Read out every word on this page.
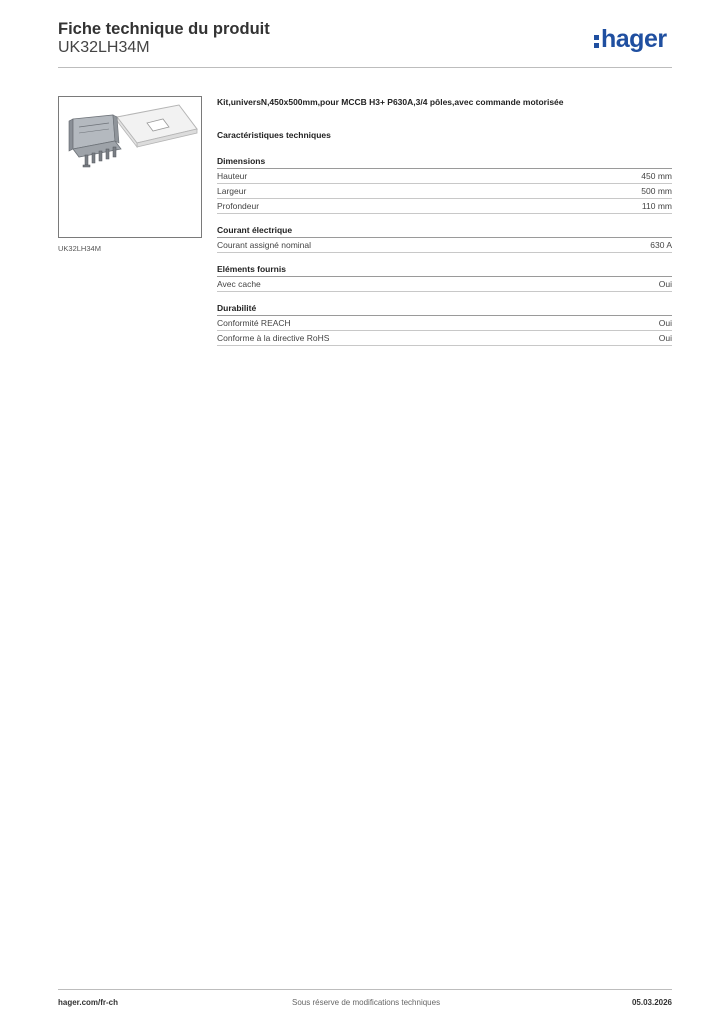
Fiche technique du produit
UK32LH34M	hager
UK32LH34M

Kit,universN,450x500mm,pour MCCB H3+ P630A,3/4 pôles,avec commande motorisée

Caractéristiques techniques
Dimensions
Hauteur	450 mm
Largeur	500 mm
Profondeur	110 mm
Courant électrique
Courant assigné nominal	630 A
Eléments fournis
Avec cache	Oui
Durabilité
Conformité REACH	Oui
Conforme à la directive RoHS	Oui
hager.com/fr-ch	Sous réserve de modifications techniques	05.03.2026
